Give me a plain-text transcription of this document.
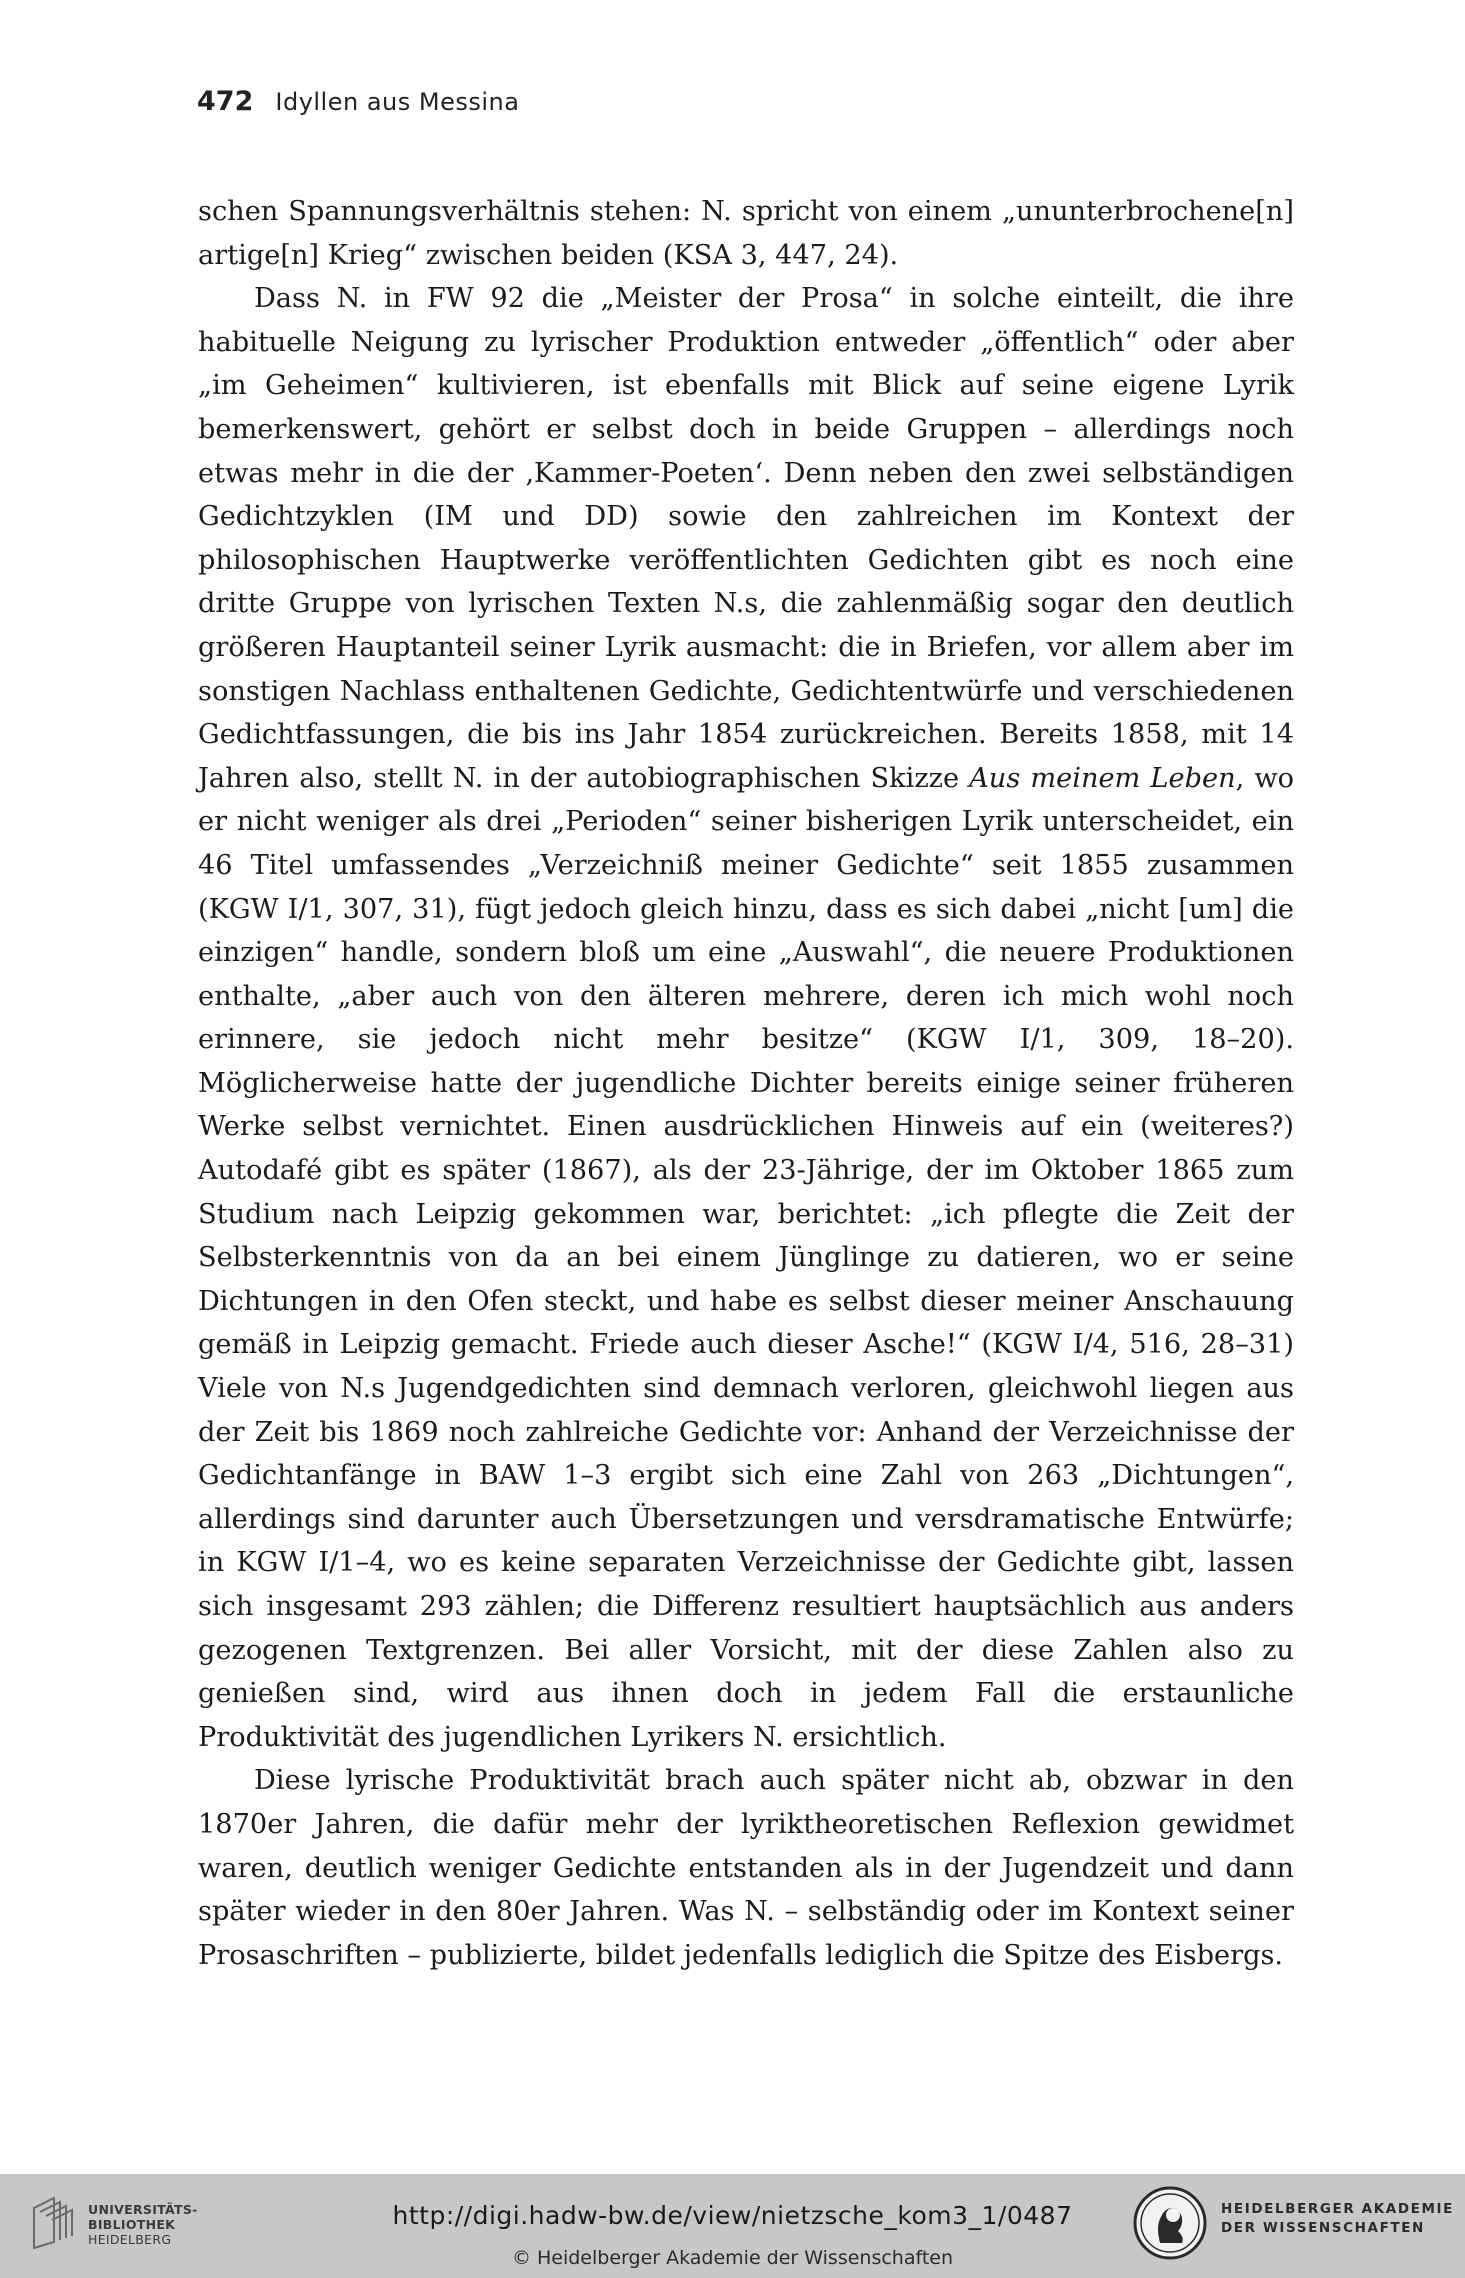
472 Idyllen aus Messina

schen Spannungsverhältnis stehen: N. spricht von einem „ununterbrochene[n] artige[n] Krieg“ zwischen beiden (KSA 3, 447, 24).

Dass N. in FW 92 die „Meister der Prosa“ in solche einteilt, die ihre habituelle Neigung zu lyrischer Produktion entweder „öffentlich“ oder aber „im Geheimen“ kultivieren, ist ebenfalls mit Blick auf seine eigene Lyrik bemerkenswert, gehört er selbst doch in beide Gruppen – allerdings noch etwas mehr in die der ‚Kammer-Poeten‘. Denn neben den zwei selbständigen Gedichtzyklen (IM und DD) sowie den zahlreichen im Kontext der philosophischen Hauptwerke veröffentlichten Gedichten gibt es noch eine dritte Gruppe von lyrischen Texten N.s, die zahlenmäßig sogar den deutlich größeren Hauptanteil seiner Lyrik ausmacht: die in Briefen, vor allem aber im sonstigen Nachlass enthaltenen Gedichte, Gedichtentwürfe und verschiedenen Gedichtfassungen, die bis ins Jahr 1854 zurückreichen. Bereits 1858, mit 14 Jahren also, stellt N. in der autobiographischen Skizze Aus meinem Leben, wo er nicht weniger als drei „Perioden“ seiner bisherigen Lyrik unterscheidet, ein 46 Titel umfassendes „Verzeichniß meiner Gedichte“ seit 1855 zusammen (KGW I/1, 307, 31), fügt jedoch gleich hinzu, dass es sich dabei „nicht [um] die einzigen“ handle, sondern bloß um eine „Auswahl“, die neuere Produktionen enthalte, „aber auch von den älteren mehrere, deren ich mich wohl noch erinnere, sie jedoch nicht mehr besitze“ (KGW I/1, 309, 18–20). Möglicherweise hatte der jugendliche Dichter bereits einige seiner früheren Werke selbst vernichtet. Einen ausdrücklichen Hinweis auf ein (weiteres?) Autodafé gibt es später (1867), als der 23-Jährige, der im Oktober 1865 zum Studium nach Leipzig gekommen war, berichtet: „ich pflegte die Zeit der Selbsterkenntnis von da an bei einem Jünglinge zu datieren, wo er seine Dichtungen in den Ofen steckt, und habe es selbst dieser meiner Anschauung gemäß in Leipzig gemacht. Friede auch dieser Asche!“ (KGW I/4, 516, 28–31) Viele von N.s Jugendgedichten sind demnach verloren, gleichwohl liegen aus der Zeit bis 1869 noch zahlreiche Gedichte vor: Anhand der Verzeichnisse der Gedichtanfänge in BAW 1–3 ergibt sich eine Zahl von 263 „Dichtungen“, allerdings sind darunter auch Übersetzungen und versdramatische Entwürfe; in KGW I/1–4, wo es keine separaten Verzeichnisse der Gedichte gibt, lassen sich insgesamt 293 zählen; die Differenz resultiert hauptsächlich aus anders gezogenen Textgrenzen. Bei aller Vorsicht, mit der diese Zahlen also zu genießen sind, wird aus ihnen doch in jedem Fall die erstaunliche Produktivität des jugendlichen Lyrikers N. ersichtlich.

Diese lyrische Produktivität brach auch später nicht ab, obzwar in den 1870er Jahren, die dafür mehr der lyriktheoretischen Reflexion gewidmet waren, deutlich weniger Gedichte entstanden als in der Jugendzeit und dann später wieder in den 80er Jahren. Was N. – selbständig oder im Kontext seiner Prosaschriften – publizierte, bildet jedenfalls lediglich die Spitze des Eisbergs.

UNIVERSITÄTS-
BIBLIOTHEK
HEIDELBERG
http://digi.hadw-bw.de/view/nietzsche_kom3_1/0487
© Heidelberger Akademie der Wissenschaften
HEIDELBERGER AKADEMIE
DER WISSENSCHAFTEN
